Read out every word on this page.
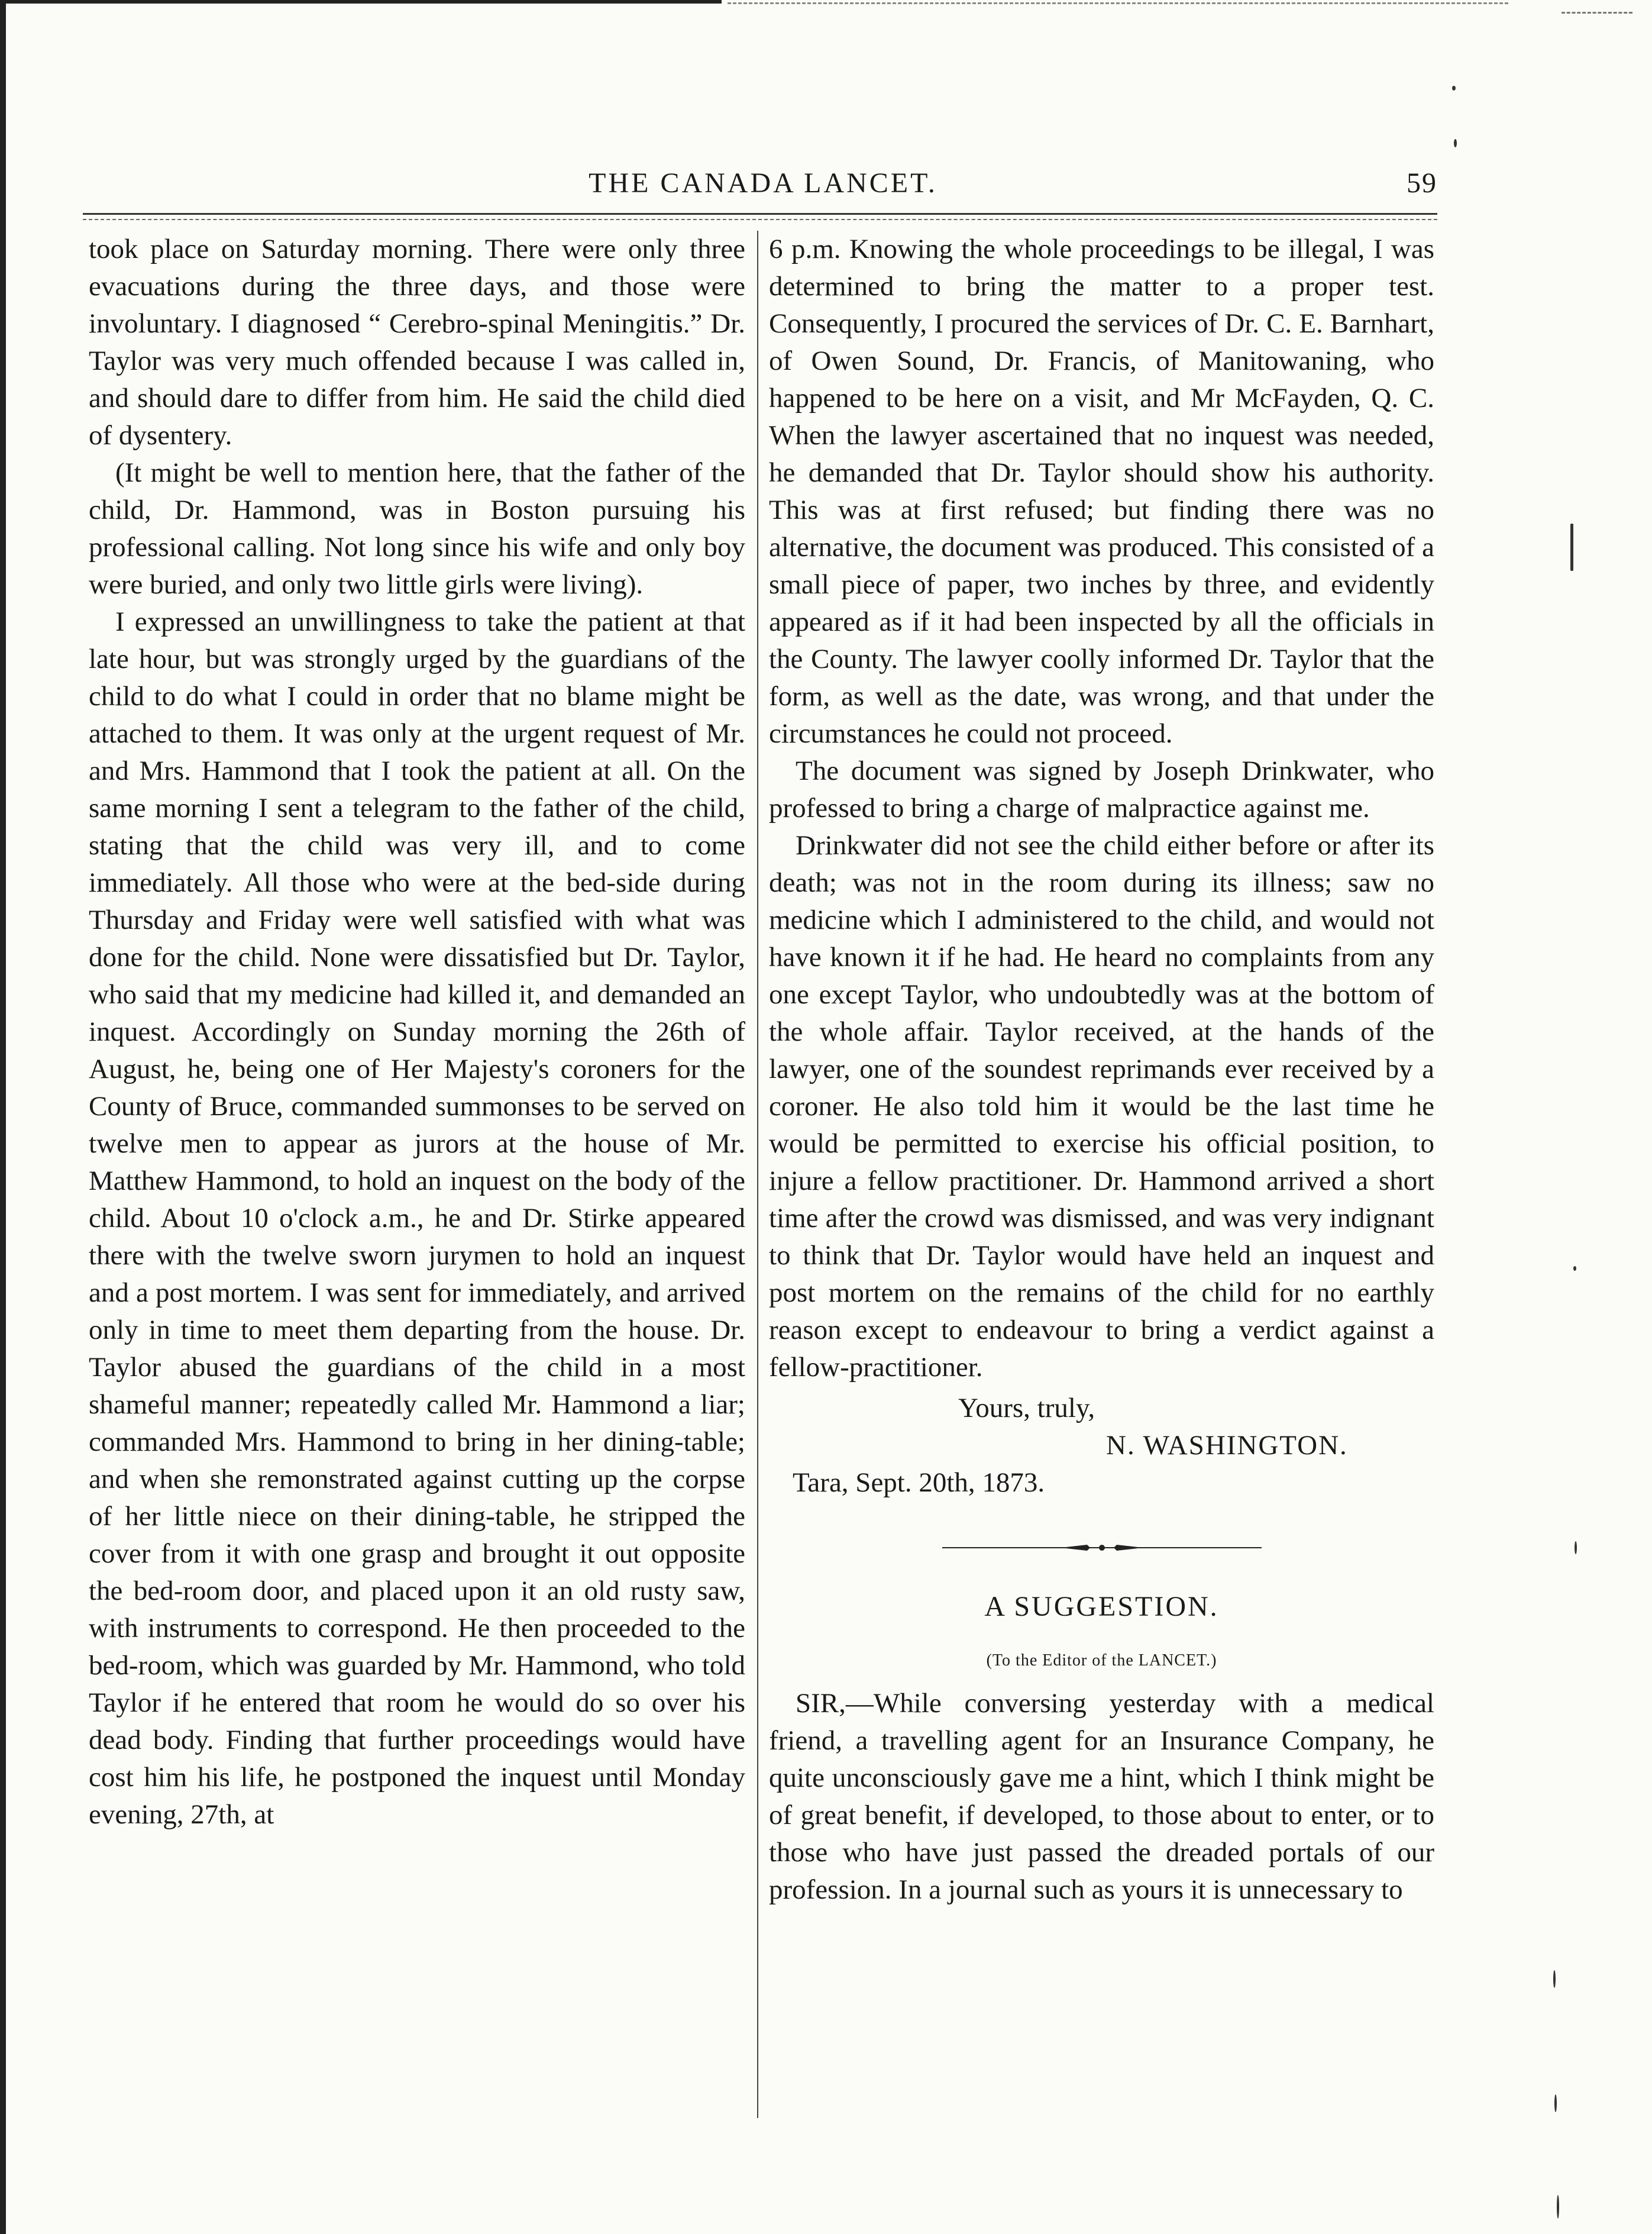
THE CANADA LANCET.	59

took place on Saturday morning. There were only three evacuations during the three days, and those were involuntary. I diagnosed “ Cerebro-spinal Meningitis.” Dr. Taylor was very much offended because I was called in, and should dare to differ from him. He said the child died of dysentery.

(It might be well to mention here, that the father of the child, Dr. Hammond, was in Boston pursuing his professional calling. Not long since his wife and only boy were buried, and only two little girls were living).

I expressed an unwillingness to take the patient at that late hour, but was strongly urged by the guardians of the child to do what I could in order that no blame might be attached to them. It was only at the urgent request of Mr. and Mrs. Hammond that I took the patient at all. On the same morning I sent a telegram to the father of the child, stating that the child was very ill, and to come immediately. All those who were at the bed-side during Thursday and Friday were well satisfied with what was done for the child. None were dissatisfied but Dr. Taylor, who said that my medicine had killed it, and demanded an inquest. Accordingly on Sunday morning the 26th of August, he, being one of Her Majesty's coroners for the County of Bruce, commanded summonses to be served on twelve men to appear as jurors at the house of Mr. Matthew Hammond, to hold an inquest on the body of the child. About 10 o'clock a.m., he and Dr. Stirke appeared there with the twelve sworn jurymen to hold an inquest and a post mortem. I was sent for immediately, and arrived only in time to meet them departing from the house. Dr. Taylor abused the guardians of the child in a most shameful manner; repeatedly called Mr. Hammond a liar; commanded Mrs. Hammond to bring in her dining-table; and when she remonstrated against cutting up the corpse of her little niece on their dining-table, he stripped the cover from it with one grasp and brought it out opposite the bed-room door, and placed upon it an old rusty saw, with instruments to correspond. He then proceeded to the bed-room, which was guarded by Mr. Hammond, who told Taylor if he entered that room he would do so over his dead body. Finding that further proceedings would have cost him his life, he postponed the inquest until Monday evening, 27th, at

6 p.m. Knowing the whole proceedings to be illegal, I was determined to bring the matter to a proper test. Consequently, I procured the services of Dr. C. E. Barnhart, of Owen Sound, Dr. Francis, of Manitowaning, who happened to be here on a visit, and Mr McFayden, Q. C. When the lawyer ascertained that no inquest was needed, he demanded that Dr. Taylor should show his authority. This was at first refused; but finding there was no alternative, the document was produced. This consisted of a small piece of paper, two inches by three, and evidently appeared as if it had been inspected by all the officials in the County. The lawyer coolly informed Dr. Taylor that the form, as well as the date, was wrong, and that under the circumstances he could not proceed.

The document was signed by Joseph Drinkwater, who professed to bring a charge of malpractice against me.

Drinkwater did not see the child either before or after its death; was not in the room during its illness; saw no medicine which I administered to the child, and would not have known it if he had. He heard no complaints from any one except Taylor, who undoubtedly was at the bottom of the whole affair. Taylor received, at the hands of the lawyer, one of the soundest reprimands ever received by a coroner. He also told him it would be the last time he would be permitted to exercise his official position, to injure a fellow practitioner. Dr. Hammond arrived a short time after the crowd was dismissed, and was very indignant to think that Dr. Taylor would have held an inquest and post mortem on the remains of the child for no earthly reason except to endeavour to bring a verdict against a fellow-practitioner.

Yours, truly,

N. WASHINGTON.

Tara, Sept. 20th, 1873.

A SUGGESTION.

(To the Editor of the LANCET.)

SIR,—While conversing yesterday with a medical friend, a travelling agent for an Insurance Company, he quite unconsciously gave me a hint, which I think might be of great benefit, if developed, to those about to enter, or to those who have just passed the dreaded portals of our profession. In a journal such as yours it is unnecessary to
